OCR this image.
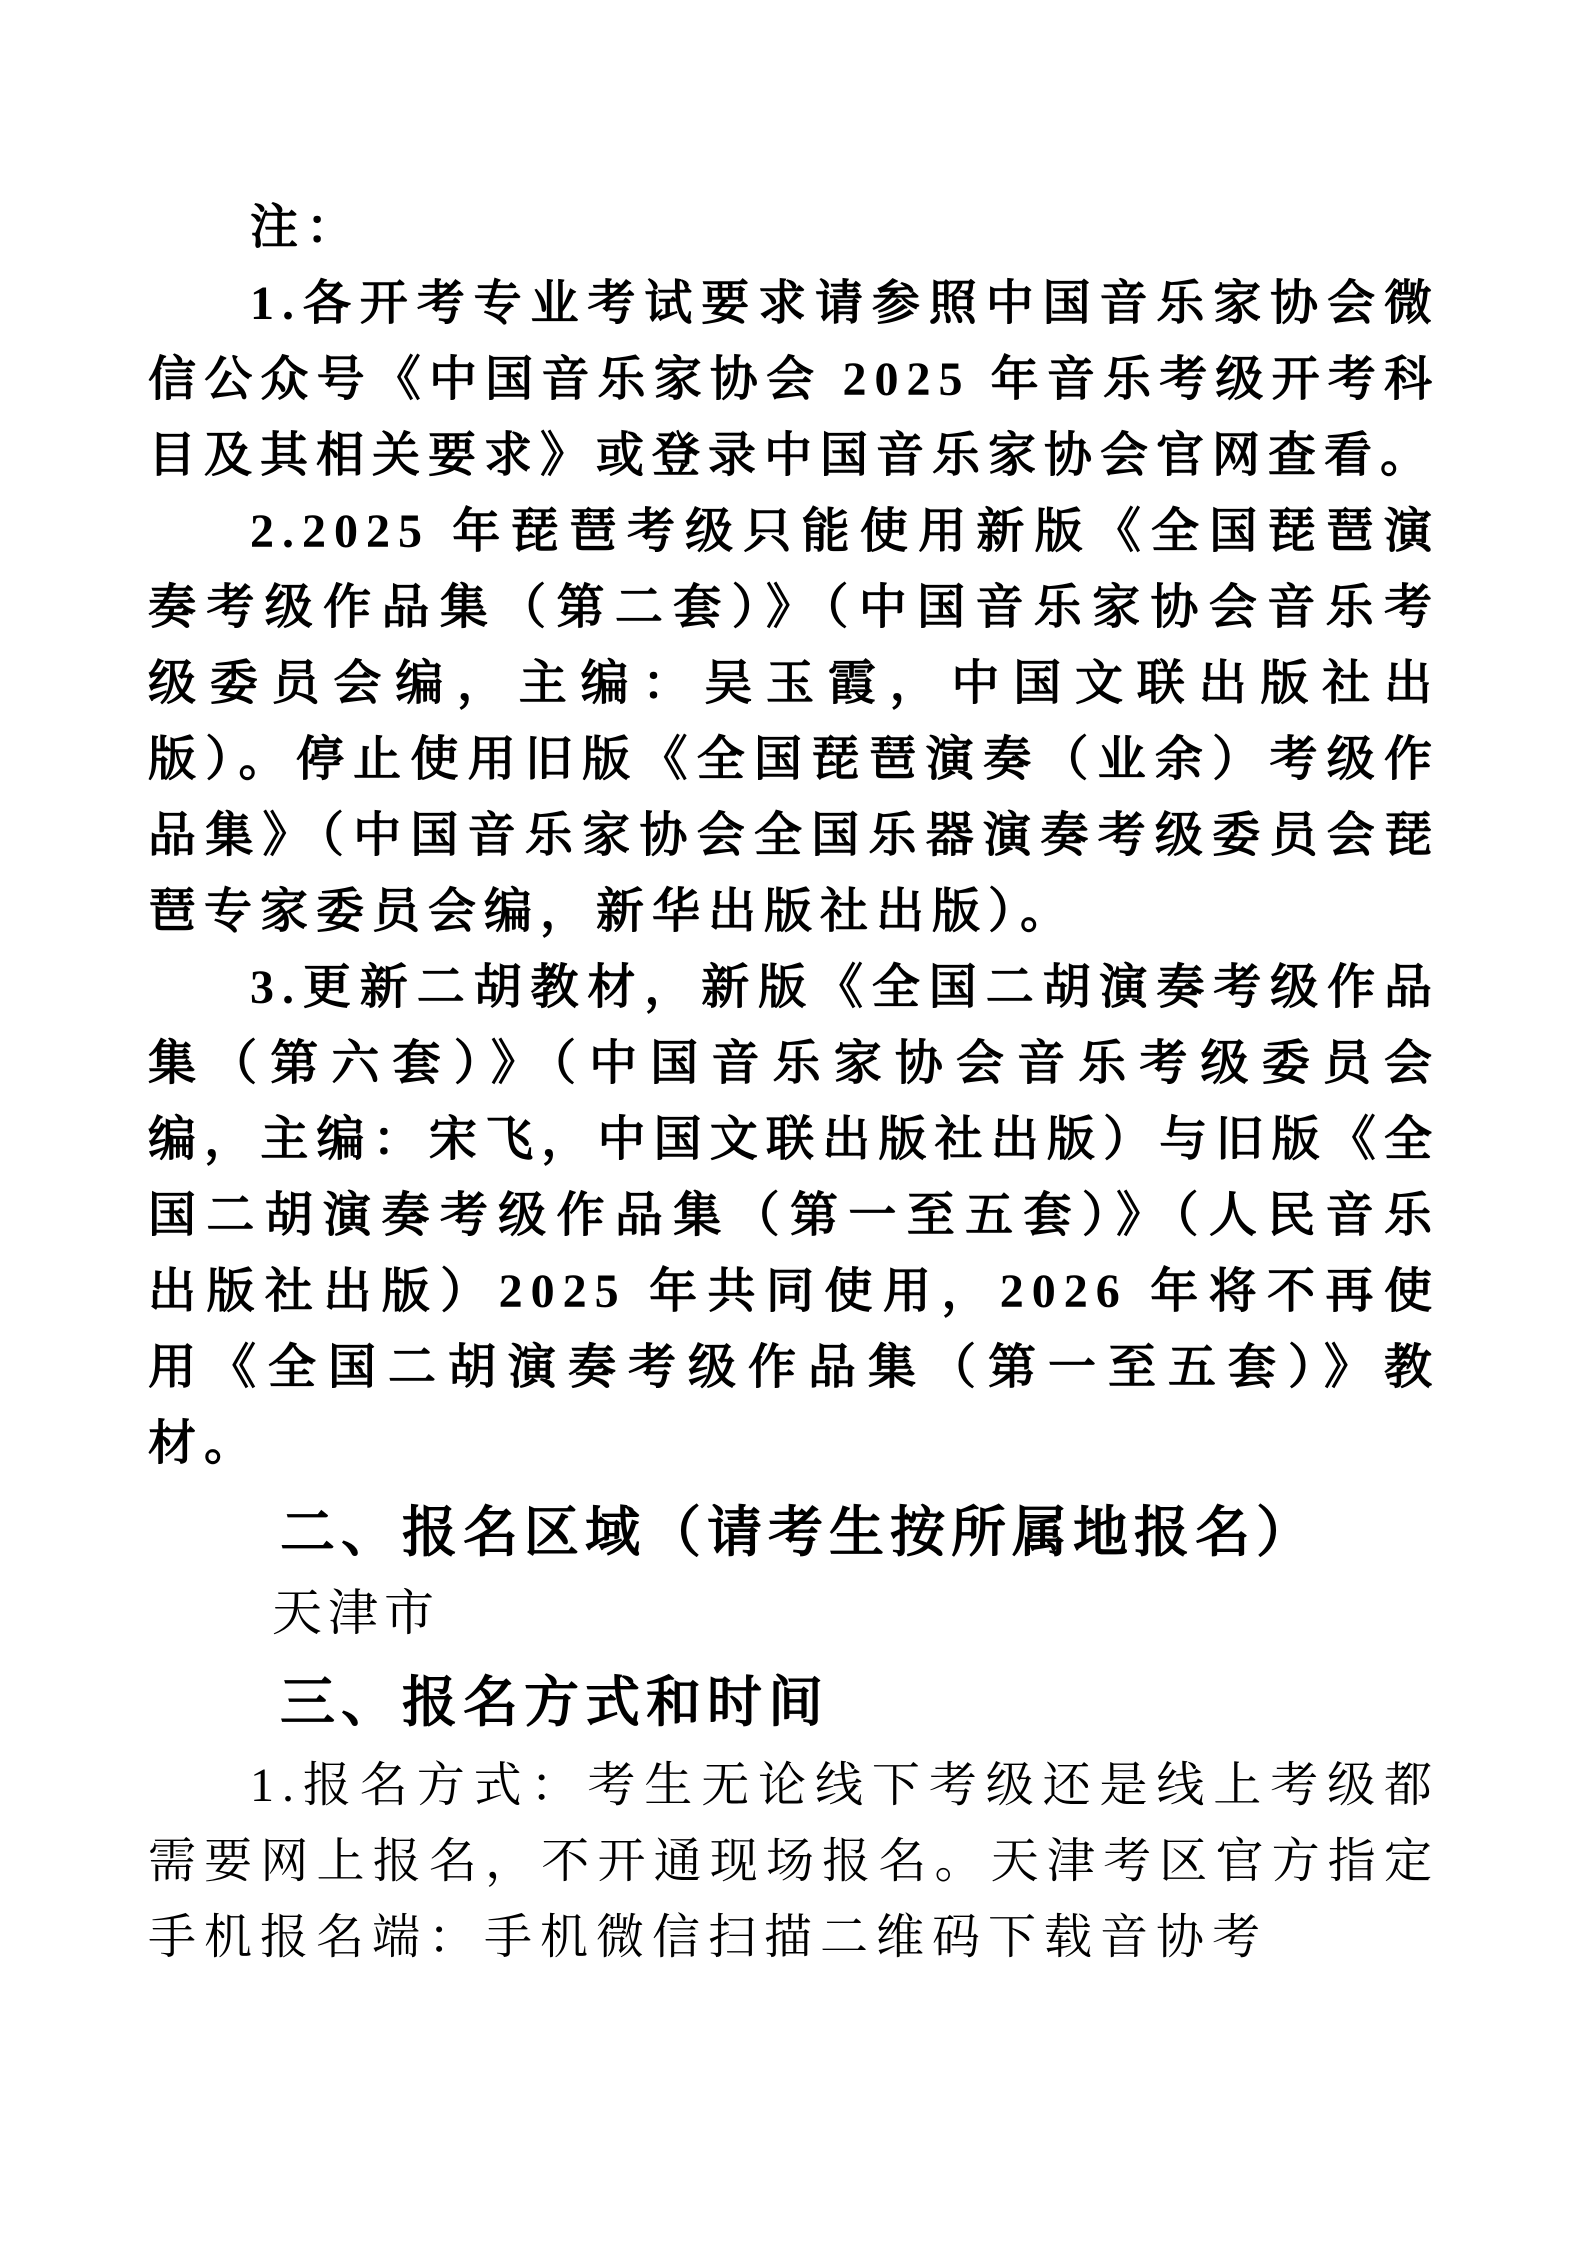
注：

1.各开考专业考试要求请参照中国音乐家协会微信公众号《中国音乐家协会 2025 年音乐考级开考科目及其相关要求》或登录中国音乐家协会官网查看。

2.2025 年琵琶考级只能使用新版《全国琵琶演奏考级作品集（第二套）》（中国音乐家协会音乐考级委员会编，主编：吴玉霞，中国文联出版社出版）。停止使用旧版《全国琵琶演奏（业余）考级作品集》（中国音乐家协会全国乐器演奏考级委员会琵琶专家委员会编，新华出版社出版）。

3.更新二胡教材，新版《全国二胡演奏考级作品集（第六套）》（中国音乐家协会音乐考级委员会编，主编：宋飞，中国文联出版社出版）与旧版《全国二胡演奏考级作品集（第一至五套）》（人民音乐出版社出版）2025 年共同使用，2026 年将不再使用《全国二胡演奏考级作品集（第一至五套）》教材。

二、报名区域（请考生按所属地报名）

天津市

三、报名方式和时间

1.报名方式：考生无论线下考级还是线上考级都需要网上报名，不开通现场报名。天津考区官方指定手机报名端：手机微信扫描二维码下载音协考
